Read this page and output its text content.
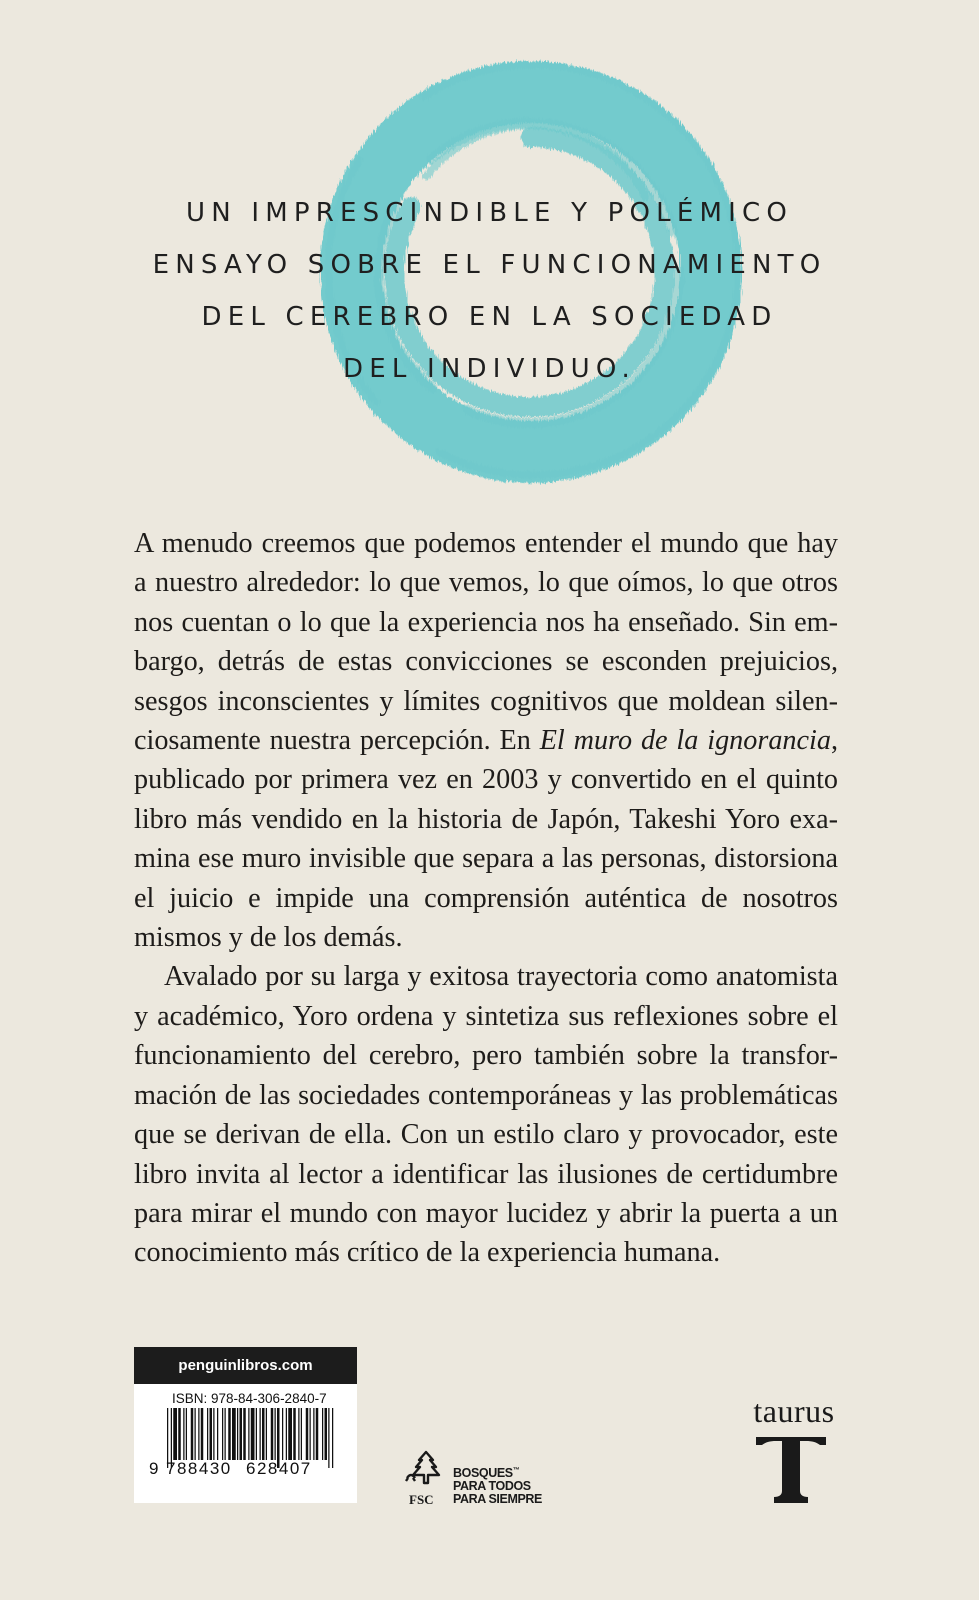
UN IMPRESCINDIBLE Y POLÉMICO
ENSAYO SOBRE EL FUNCIONAMIENTO
DEL CEREBRO EN LA SOCIEDAD
DEL INDIVIDUO.
A menudo creemos que podemos entender el mundo que hay
a nuestro alrededor: lo que vemos, lo que oímos, lo que otros
nos cuentan o lo que la experiencia nos ha enseñado. Sin em-
bargo, detrás de estas convicciones se esconden prejuicios,
sesgos inconscientes y límites cognitivos que moldean silen-
ciosamente nuestra percepción. En El muro de la ignorancia,
publicado por primera vez en 2003 y convertido en el quinto
libro más vendido en la historia de Japón, Takeshi Yoro exa-
mina ese muro invisible que separa a las personas, distorsiona
el juicio e impide una comprensión auténtica de nosotros
mismos y de los demás.
Avalado por su larga y exitosa trayectoria como anatomista
y académico, Yoro ordena y sintetiza sus reflexiones sobre el
funcionamiento del cerebro, pero también sobre la transfor-
mación de las sociedades contemporáneas y las problemáticas
que se derivan de ella. Con un estilo claro y provocador, este
libro invita al lector a identificar las ilusiones de certidumbre
para mirar el mundo con mayor lucidez y abrir la puerta a un
conocimiento más crítico de la experiencia humana.
penguinlibros.com
9 788430 628407
ISBN: 978-84-306-2840-7
FSC
BOSQUES™
PARA TODOS
PARA SIEMPRE
taurus
